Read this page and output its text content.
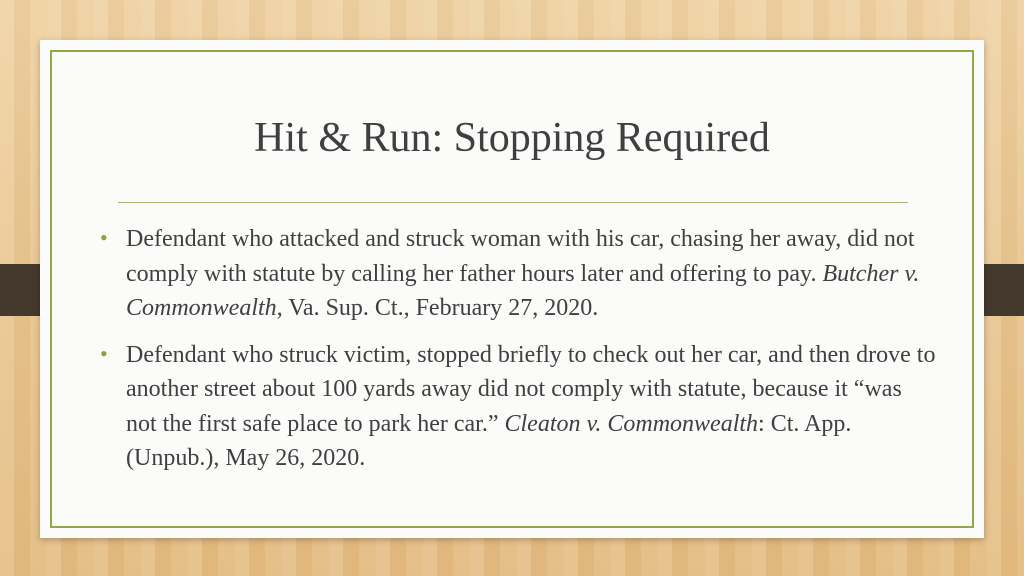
Hit & Run: Stopping Required
• Defendant who attacked and struck woman with his car, chasing her away, did not comply with statute by calling her father hours later and offering to pay. Butcher v. Commonwealth, Va. Sup. Ct., February 27, 2020.
• Defendant who struck victim, stopped briefly to check out her car, and then drove to another street about 100 yards away did not comply with statute, because it “was not the first safe place to park her car.” Cleaton v. Commonwealth: Ct. App. (Unpub.), May 26, 2020.
